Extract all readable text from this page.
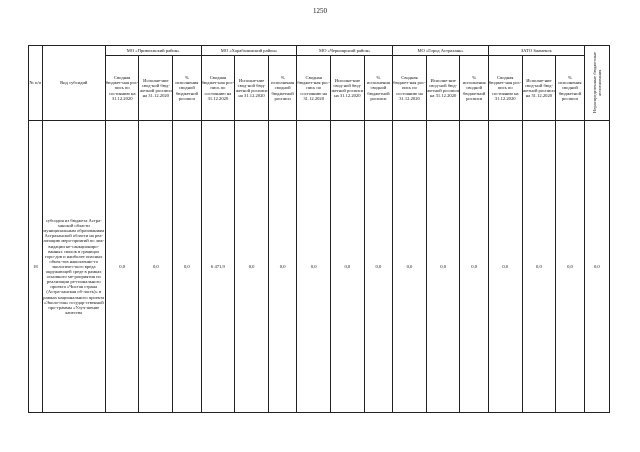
1250
№ п/п	Вид субсидий	МО «Приволжский район»			МО «Харабалинский район»			МО «Черноярский район»			МО «Город Астрахань»			ЗАТО Знаменск			Нераспределенные бюджетные ассигнования

		Сводная бюджет-ная рос-пись по состоянию на 31.12.2020	Исполне-ние свод-ной бюд-жетной росписи на 31.12.2020	% исполнения сводной бюджетной росписи	Сводная бюджет-ная рос-пись по состоянию на 31.12.2020	Исполне-ние свод-ной бюд-жетной росписи на 31.12.2020	% исполнения сводной бюджетной росписи	Сводная бюджет-ная рос-пись по состоянию на 31.12.2020	Исполне-ние свод-ной бюд-жетной росписи на 31.12.2020	% исполнения сводной бюджетной росписи	Сводная бюджет-ная рос-пись по состоянию на 31.12.2020	Исполне-ние свод-ной бюд-жетной росписи на 31.12.2020	% исполнения сводной бюджетной росписи	Сводная бюджет-ная рос-пись по состоянию на 31.12.2020	Исполне-ние свод-ной бюд-жетной росписи на 31.12.2020	% исполнения сводной бюджетной росписи	
18	субсидия из бюджета Астра-ханской области муниципальным образованиям Астраханской области на реа-лизацию меро-приятий по лик-видации не-санкциониро-ванных свалок в границах горо-дов и наиболее опасных объек-тов накопленно-го экологичес-кого вреда окружающей среде в рамках основного ме-роприятия по реализации ре-гионального проекта «Чистая страна (Астра-ханская об-ласть)» в рамках национального проекта «Эколо-гия» государ-ственной про-граммы «Улуч-шение качества	0,0	0,0	0,0	6 471,9	0,0	0,0	0,0	0,0	0,0	0,0	0,0	0,0	0,0	0,0	0,0	0,0
